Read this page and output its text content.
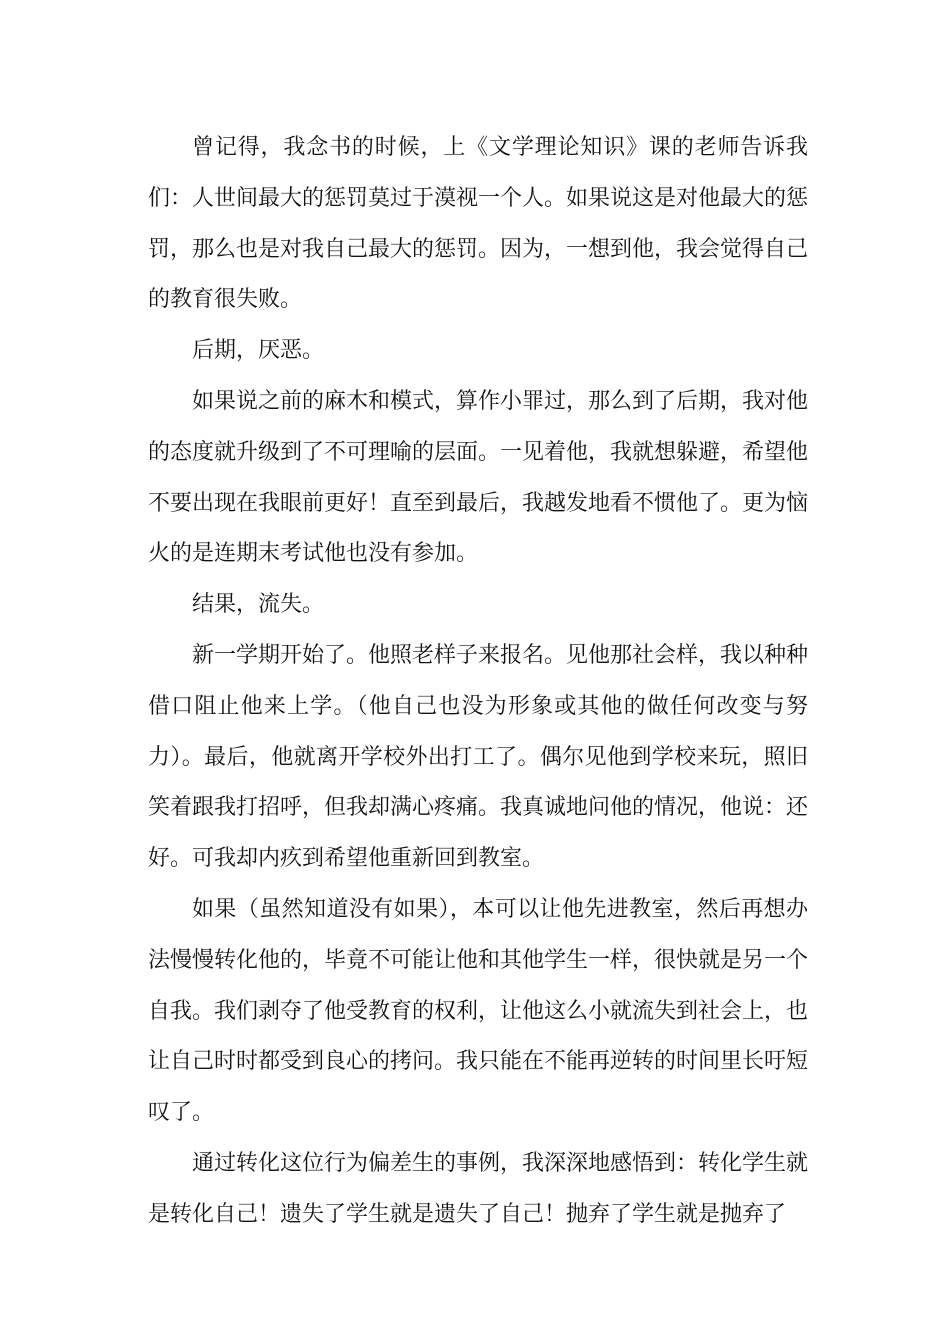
曾记得，我念书的时候，上《文学理论知识》课的老师告诉我们：人世间最大的惩罚莫过于漠视一个人。如果说这是对他最大的惩罚，那么也是对我自己最大的惩罚。因为，一想到他，我会觉得自己的教育很失败。

后期，厌恶。

如果说之前的麻木和模式，算作小罪过，那么到了后期，我对他的态度就升级到了不可理喻的层面。一见着他，我就想躲避，希望他不要出现在我眼前更好！直至到最后，我越发地看不惯他了。更为恼火的是连期末考试他也没有参加。

结果，流失。

新一学期开始了。他照老样子来报名。见他那社会样，我以种种借口阻止他来上学。（他自己也没为形象或其他的做任何改变与努力）。最后，他就离开学校外出打工了。偶尔见他到学校来玩，照旧笑着跟我打招呼，但我却满心疼痛。我真诚地问他的情况，他说：还好。可我却内疚到希望他重新回到教室。

如果（虽然知道没有如果），本可以让他先进教室，然后再想办法慢慢转化他的，毕竟不可能让他和其他学生一样，很快就是另一个自我。我们剥夺了他受教育的权利，让他这么小就流失到社会上，也让自己时时都受到良心的拷问。我只能在不能再逆转的时间里长吁短叹了。

通过转化这位行为偏差生的事例，我深深地感悟到：转化学生就是转化自己！遗失了学生就是遗失了自己！抛弃了学生就是抛弃了
